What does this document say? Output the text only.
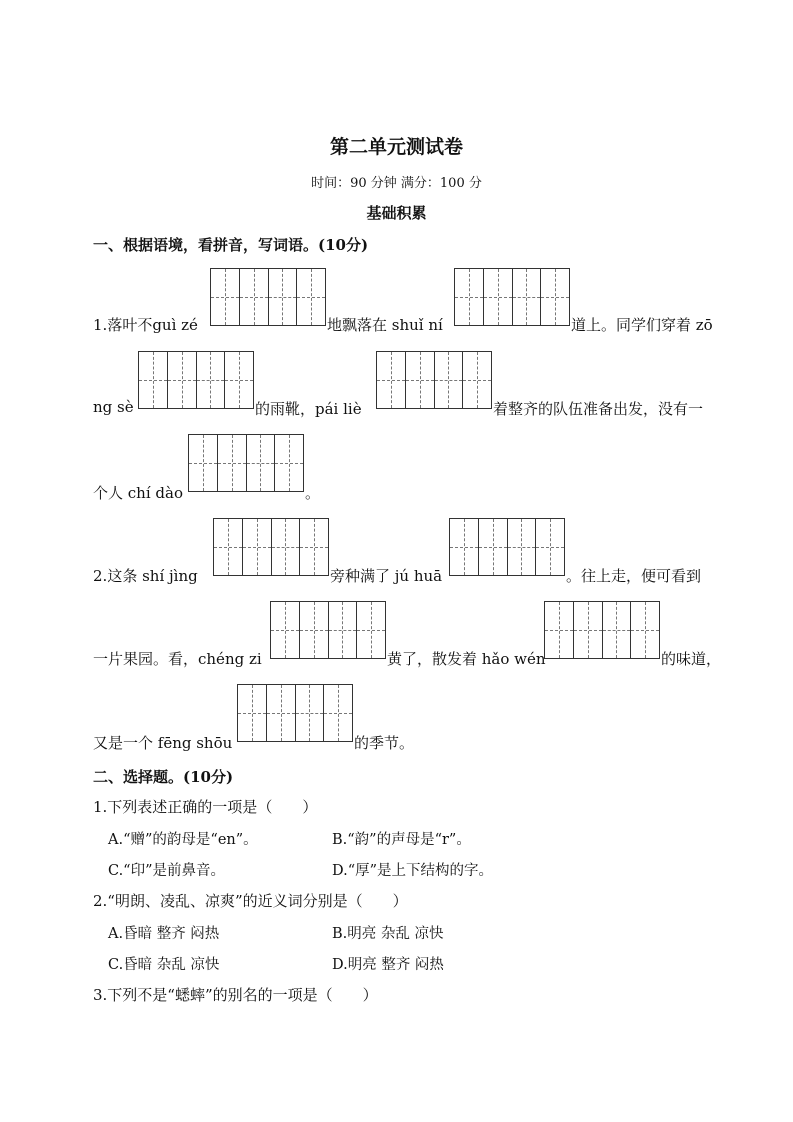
第二单元测试卷
时间：90 分钟 满分：100 分
基础积累
一、根据语境，看拼音，写词语。(10分)
1.落叶不guì zé	地飘落在 shuǐ ní	道上。同学们穿着 zō
ng sè	的雨靴，pái liè	着整齐的队伍准备出发，没有一
个人 chí dào	。
2.这条 shí jìng	旁种满了 jú huā	。往上走，便可看到
一片果园。看，chéng zi	黄了，散发着 hǎo wén	的味道，
又是一个 fēng shōu	的季节。
二、选择题。(10分)
1.下列表述正确的一项是（　　）
A.“赠”的韵母是“en”。	B.“韵”的声母是“r”。
C.“印”是前鼻音。	D.“厚”是上下结构的字。
2.“明朗、凌乱、凉爽”的近义词分别是（　　）
A.昏暗 整齐 闷热	B.明亮 杂乱 凉快
C.昏暗 杂乱 凉快	D.明亮 整齐 闷热
3.下列不是“蟋蟀”的别名的一项是（　　）
